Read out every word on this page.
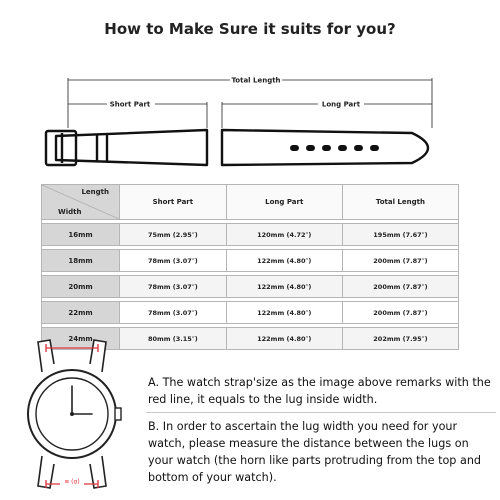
How to Make Sure it suits for you?
Total Length
Short Part	Long Part
Length
Width	Short Part	Long Part	Total Length

16mm	75mm (2.95″)	120mm (4.72″)	195mm (7.67″)

18mm	78mm (3.07″)	122mm (4.80″)	200mm (7.87″)

20mm	78mm (3.07″)	122mm (4.80″)	200mm (7.87″)

22mm	78mm (3.07″)	122mm (4.80″)	200mm (7.87″)

24mm	80mm (3.15″)	122mm (4.80″)	202mm (7.95″)
≡ (α)

A. The watch strap'size as the image above remarks with the red line, it equals to the lug inside width.

B. In order to ascertain the lug width you need for your watch, please measure the distance between the lugs on your watch (the horn like parts protruding from the top and bottom of your watch).
